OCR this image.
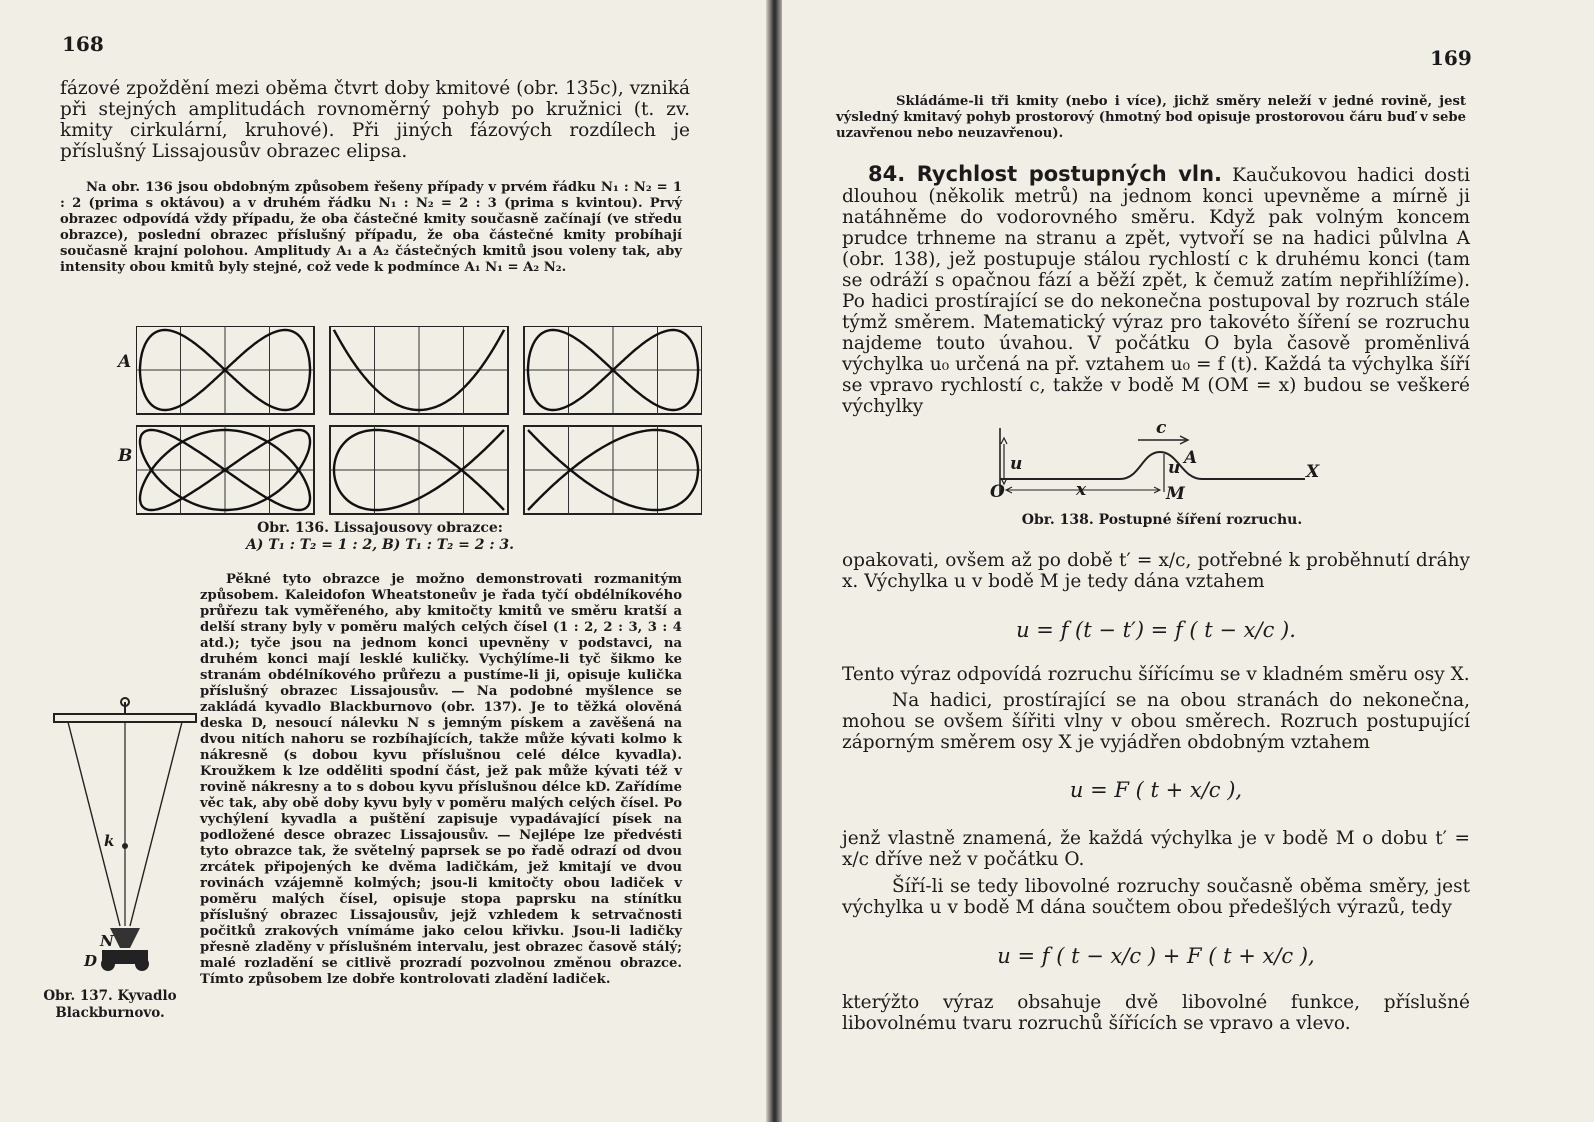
168
fázové zpoždění mezi oběma čtvrt doby kmitové (obr. 135c), vzniká při stejných amplitudách rovnoměrný pohyb po kružnici (t. zv. kmity cirkulární, kruhové). Při jiných fázových rozdílech je příslušný Lissajousův obrazec elipsa.
Na obr. 136 jsou obdobným způsobem řešeny případy v prvém řádku N₁ : N₂ = 1 : 2 (prima s oktávou) a v druhém řádku N₁ : N₂ = 2 : 3 (prima s kvintou). Prvý obrazec odpovídá vždy případu, že oba částečné kmity současně začínají (ve středu obrazce), poslední obrazec příslušný případu, že oba částečné kmity probíhají současně krajní polohou. Amplitudy A₁ a A₂ částečných kmitů jsou voleny tak, aby intensity obou kmitů byly stejné, což vede k podmínce A₁ N₁ = A₂ N₂.
A
B
Obr. 136. Lissajousovy obrazce:
A) T₁ : T₂ = 1 : 2, B) T₁ : T₂ = 2 : 3.
k
N
D
Obr. 137. Kyvadlo Blackburnovo.
Pěkné tyto obrazce je možno demonstrovati rozmanitým způsobem. Kaleidofon Wheatstoneův je řada tyčí obdélníkového průřezu tak vyměřeného, aby kmitočty kmitů ve směru kratší a delší strany byly v poměru malých celých čísel (1 : 2, 2 : 3, 3 : 4 atd.); tyče jsou na jednom konci upevněny v podstavci, na druhém konci mají lesklé kuličky. Vychýlíme-li tyč šikmo ke stranám obdélníkového průřezu a pustíme-li ji, opisuje kulička příslušný obrazec Lissajousův. — Na podobné myšlence se zakládá kyvadlo Blackburnovo (obr. 137). Je to těžká olověná deska D, nesoucí nálevku N s jemným pískem a zavěšená na dvou nitích nahoru se rozbíhajících, takže může kývati kolmo k nákresně (s dobou kyvu příslušnou celé délce kyvadla). Kroužkem k lze odděliti spodní část, jež pak může kývati též v rovině nákresny a to s dobou kyvu příslušnou délce kD. Zařídíme věc tak, aby obě doby kyvu byly v poměru malých celých čísel. Po vychýlení kyvadla a puštění zapisuje vypadávající písek na podložené desce obrazec Lissajousův. — Nejlépe lze předvésti tyto obrazce tak, že světelný paprsek se po řadě odrazí od dvou zrcátek připojených ke dvěma ladičkám, jež kmitají ve dvou rovinách vzájemně kolmých; jsou-li kmitočty obou ladiček v poměru malých čísel, opisuje stopa paprsku na stínítku příslušný obrazec Lissajousův, jejž vzhledem k setrvačnosti počitků zrakových vnímáme jako celou křivku. Jsou-li ladičky přesně zladěny v příslušném intervalu, jest obrazec časově stálý; malé rozladění se citlivě prozradí pozvolnou změnou obrazce. Tímto způsobem lze dobře kontrolovati zladění ladiček.
169
Skládáme-li tři kmity (nebo i více), jichž směry neleží v jedné rovině, jest výsledný kmitavý pohyb prostorový (hmotný bod opisuje prostorovou čáru buď v sebe uzavřenou nebo neuzavřenou).
84. Rychlost postupných vln. Kaučukovou hadici dosti dlouhou (několik metrů) na jednom konci upevněme a mírně ji natáhněme do vodorovného směru. Když pak volným koncem prudce trhneme na stranu a zpět, vytvoří se na hadici půlvlna A (obr. 138), jež postupuje stálou rychlostí c k druhému konci (tam se odráží s opačnou fází a běží zpět, k čemuž zatím nepřihlížíme). Po hadici prostírající se do nekonečna postupoval by rozruch stále týmž směrem. Matematický výraz pro takovéto šíření se rozruchu najdeme touto úvahou. V počátku O byla časově proměnlivá výchylka u₀ určená na př. vztahem u₀ = f (t). Každá ta výchylka šíří se vpravo rychlostí c, takže v bodě M (OM = x) budou se veškeré výchylky
c
u	u A
X
O	x	M
Obr. 138. Postupné šíření rozruchu.
opakovati, ovšem až po době t′ = x/c, potřebné k proběhnutí dráhy x. Výchylka u v bodě M je tedy dána vztahem
u = f (t − t′) = f ( t − x/c ).
Tento výraz odpovídá rozruchu šířícímu se v kladném směru osy X.
Na hadici, prostírající se na obou stranách do nekonečna, mohou se ovšem šířiti vlny v obou směrech. Rozruch postupující záporným směrem osy X je vyjádřen obdobným vztahem
u = F ( t + x/c ),
jenž vlastně znamená, že každá výchylka je v bodě M o dobu t′ = x/c dříve než v počátku O.
Šíří-li se tedy libovolné rozruchy současně oběma směry, jest výchylka u v bodě M dána součtem obou předešlých výrazů, tedy
u = f ( t − x/c ) + F ( t + x/c ),
kterýžto výraz obsahuje dvě libovolné funkce, příslušné libovolnému tvaru rozruchů šířících se vpravo a vlevo.
